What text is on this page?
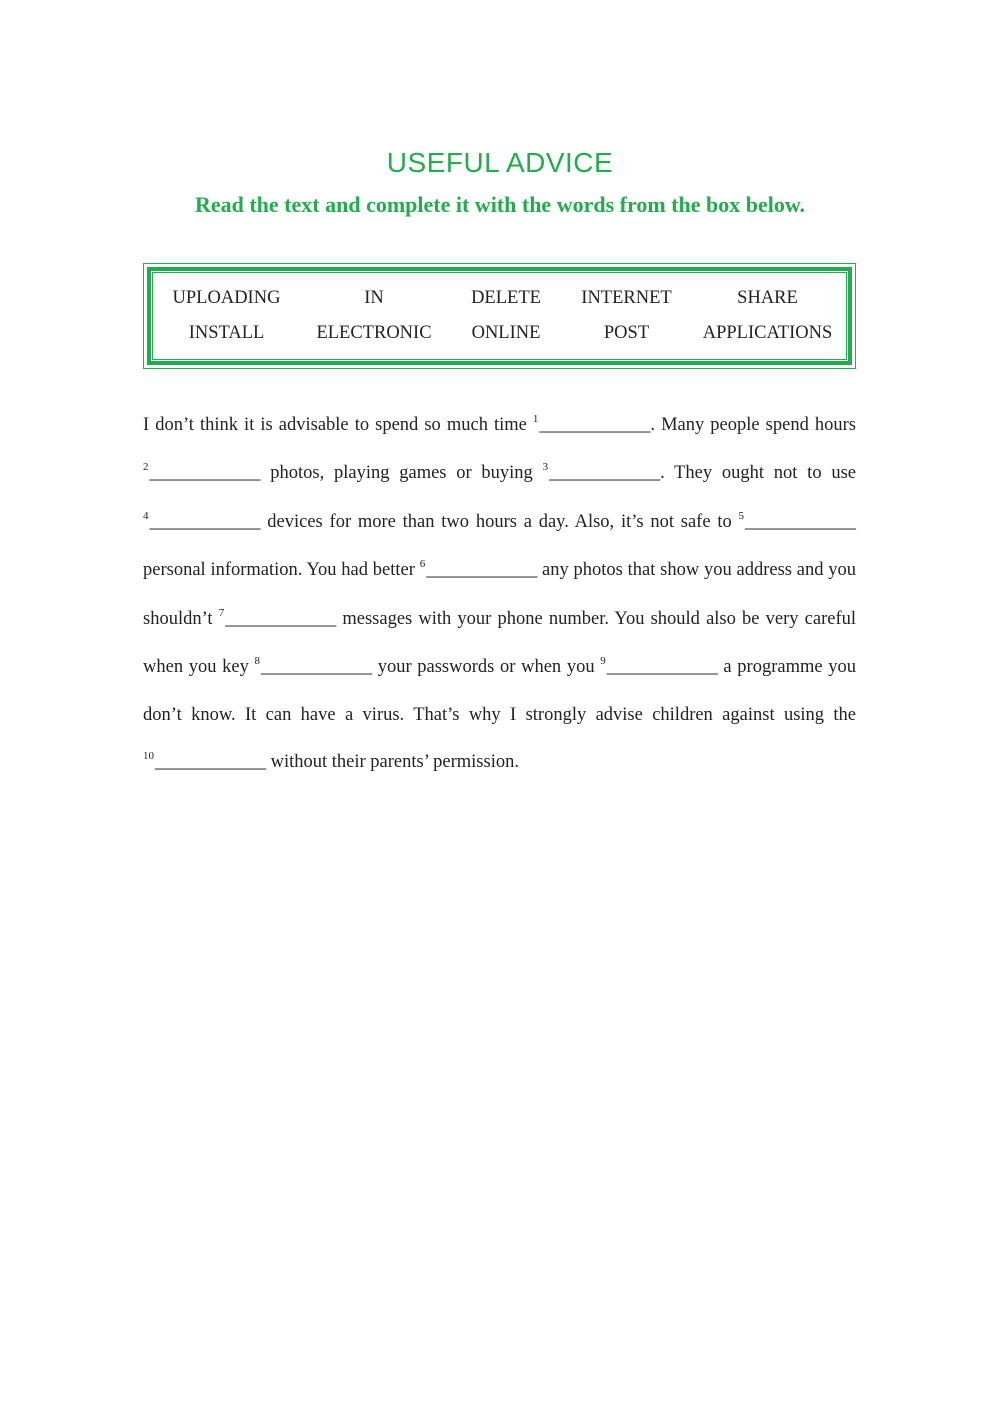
USEFUL ADVICE
Read the text and complete it with the words from the box below.
UPLOADING	IN	DELETE	INTERNET	SHARE
INSTALL	ELECTRONIC	ONLINE	POST	APPLICATIONS
I don’t think it is advisable to spend so much time $^1$____________. Many people spend hours $^2$____________ photos, playing games or buying $^3$____________. They ought not to use $^4$____________ devices for more than two hours a day. Also, it’s not safe to $^5$____________ personal information. You had better $^6$____________ any photos that show you address and you shouldn’t $^7$____________ messages with your phone number. You should also be very careful when you key $^8$____________ your passwords or when you $^9$____________ a programme you don’t know. It can have a virus. That’s why I strongly advise children against using the $^{10}$____________ without their parents’ permission.
